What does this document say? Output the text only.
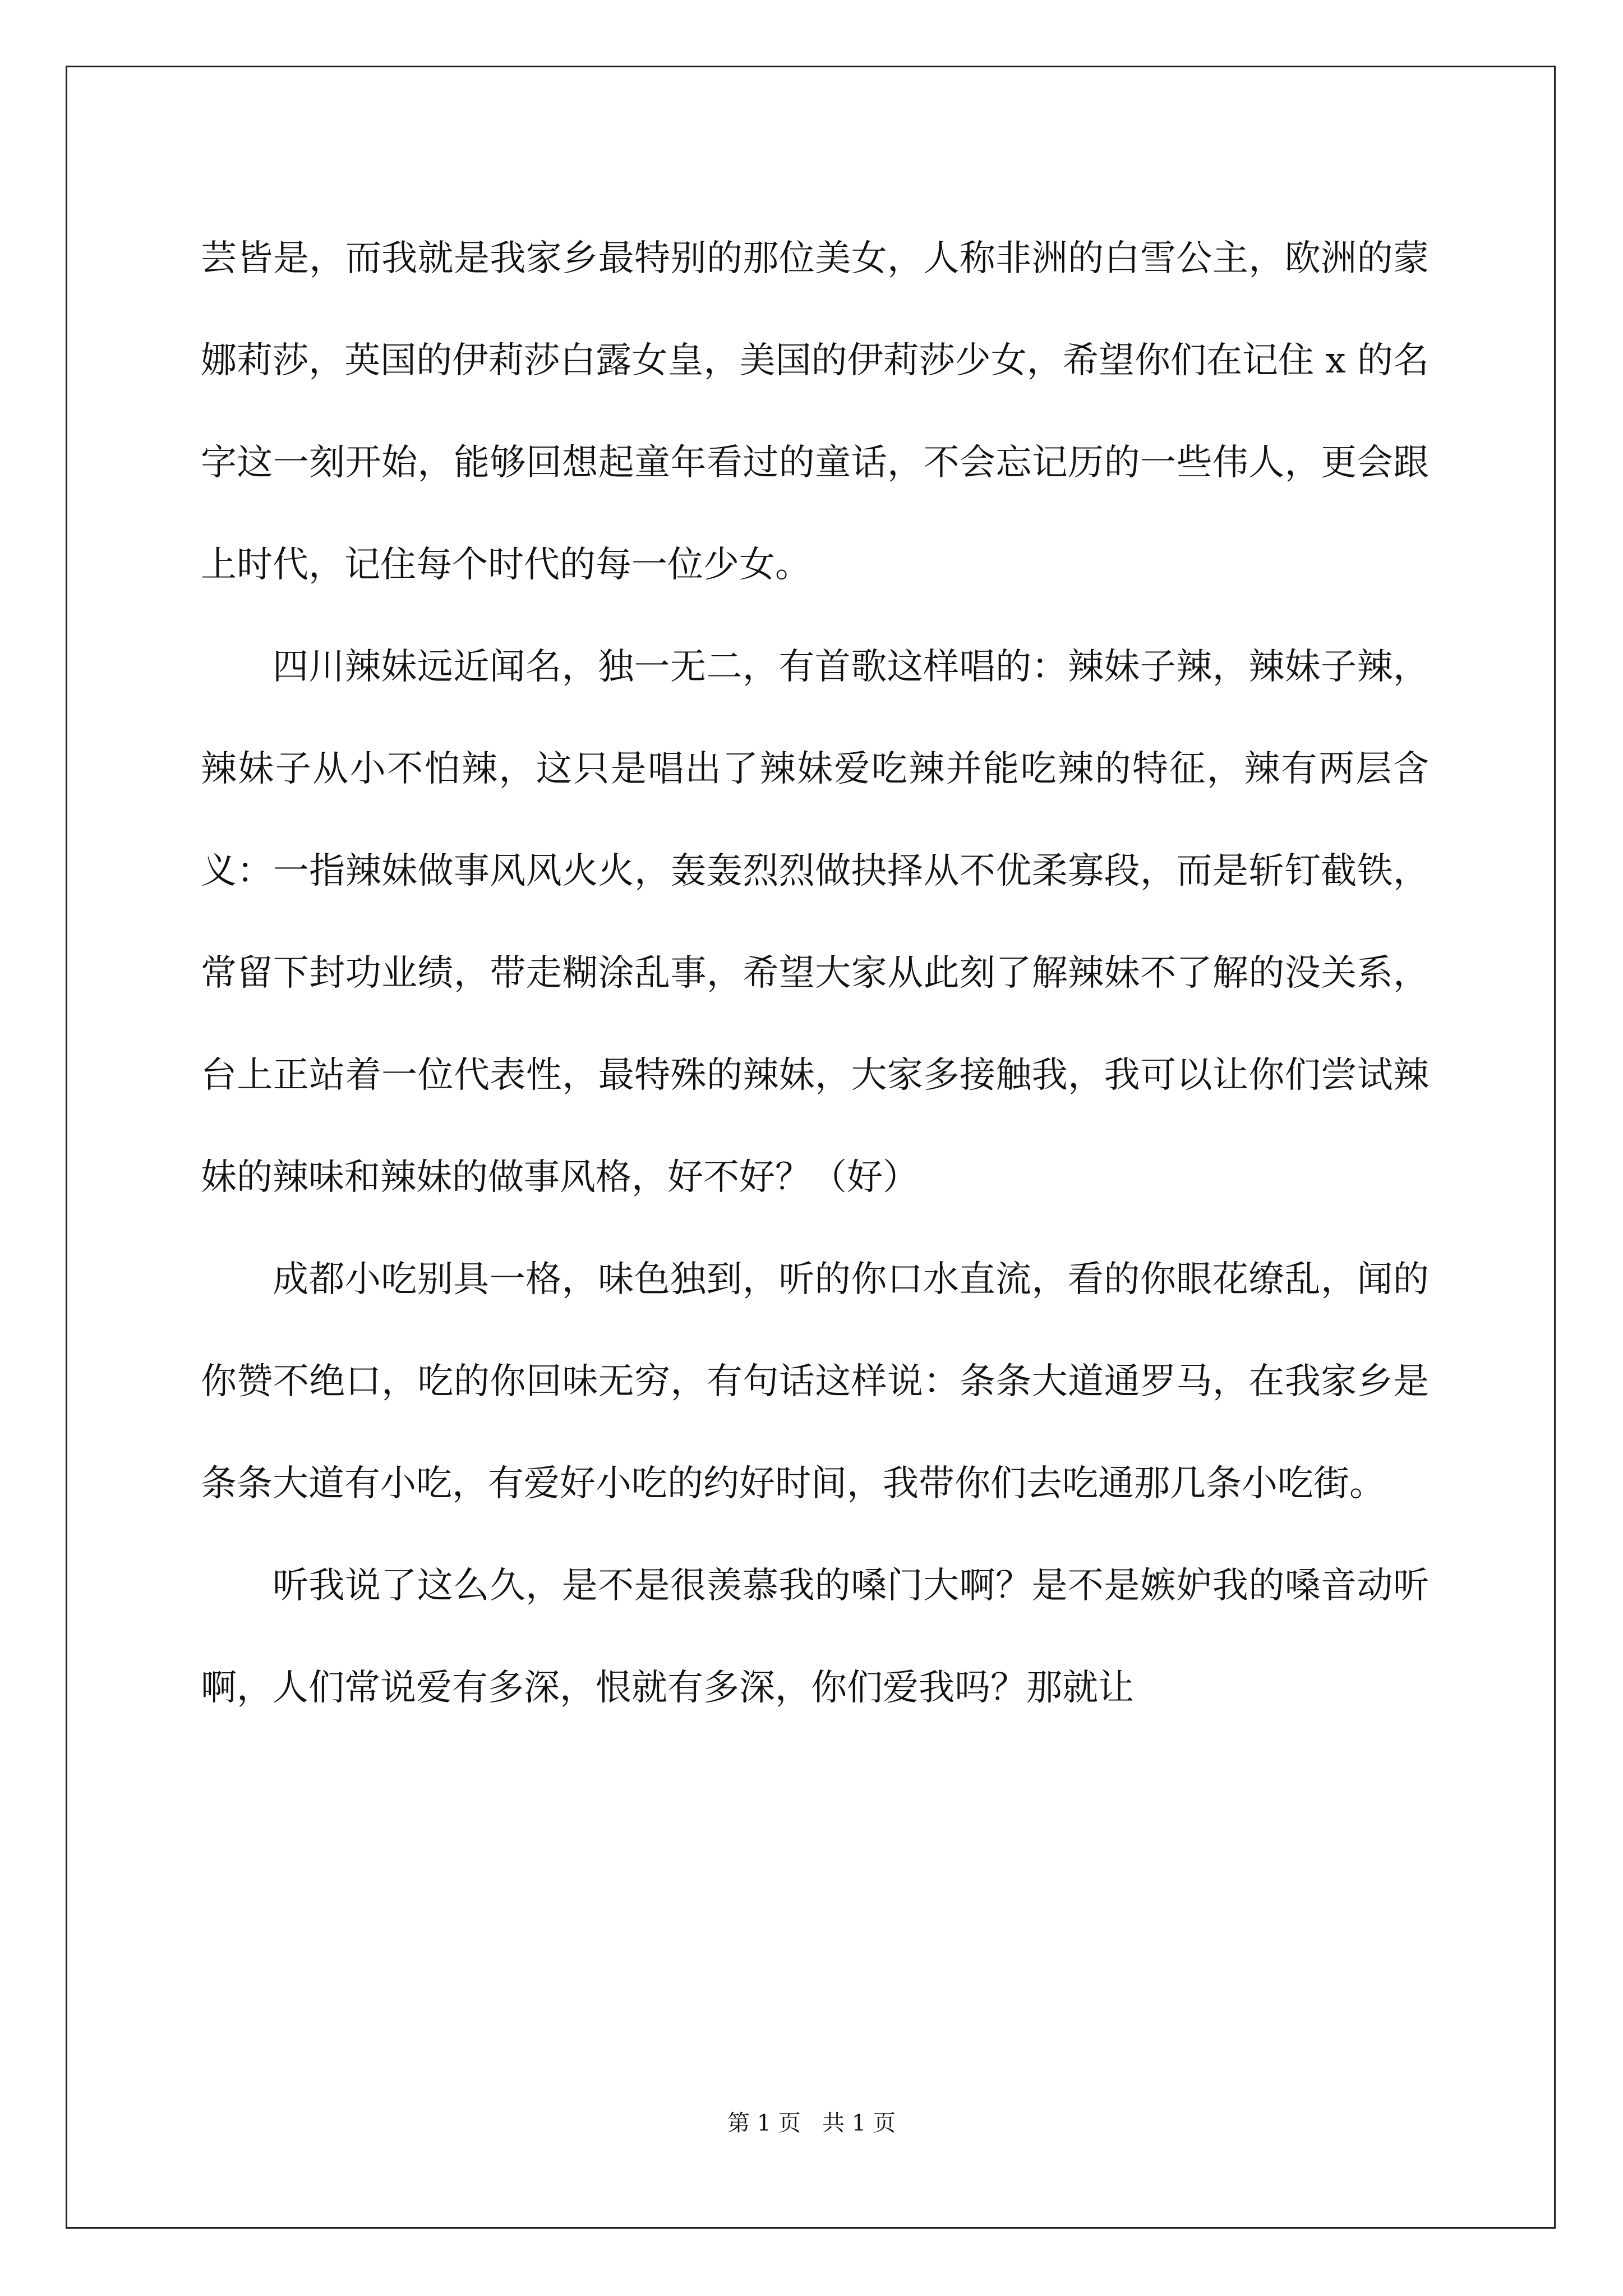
芸皆是，而我就是我家乡最特别的那位美女，人称非洲的白雪公主，欧洲的蒙娜莉莎，英国的伊莉莎白露女皇，美国的伊莉莎少女，希望你们在记住 x 的名字这一刻开始，能够回想起童年看过的童话，不会忘记历的一些伟人，更会跟上时代，记住每个时代的每一位少女。

四川辣妹远近闻名，独一无二，有首歌这样唱的：辣妹子辣，辣妹子辣，辣妹子从小不怕辣，这只是唱出了辣妹爱吃辣并能吃辣的特征，辣有两层含义：一指辣妹做事风风火火，轰轰烈烈做抉择从不优柔寡段，而是斩钉截铁，常留下封功业绩，带走糊涂乱事，希望大家从此刻了解辣妹不了解的没关系，台上正站着一位代表性，最特殊的辣妹，大家多接触我，我可以让你们尝试辣妹的辣味和辣妹的做事风格，好不好？（好）

成都小吃别具一格，味色独到，听的你口水直流，看的你眼花缭乱，闻的你赞不绝口，吃的你回味无穷，有句话这样说：条条大道通罗马，在我家乡是条条大道有小吃，有爱好小吃的约好时间，我带你们去吃通那几条小吃街。

听我说了这么久，是不是很羡慕我的嗓门大啊？是不是嫉妒我的嗓音动听啊，人们常说爱有多深，恨就有多深，你们爱我吗？那就让

第 1 页   共 1 页
